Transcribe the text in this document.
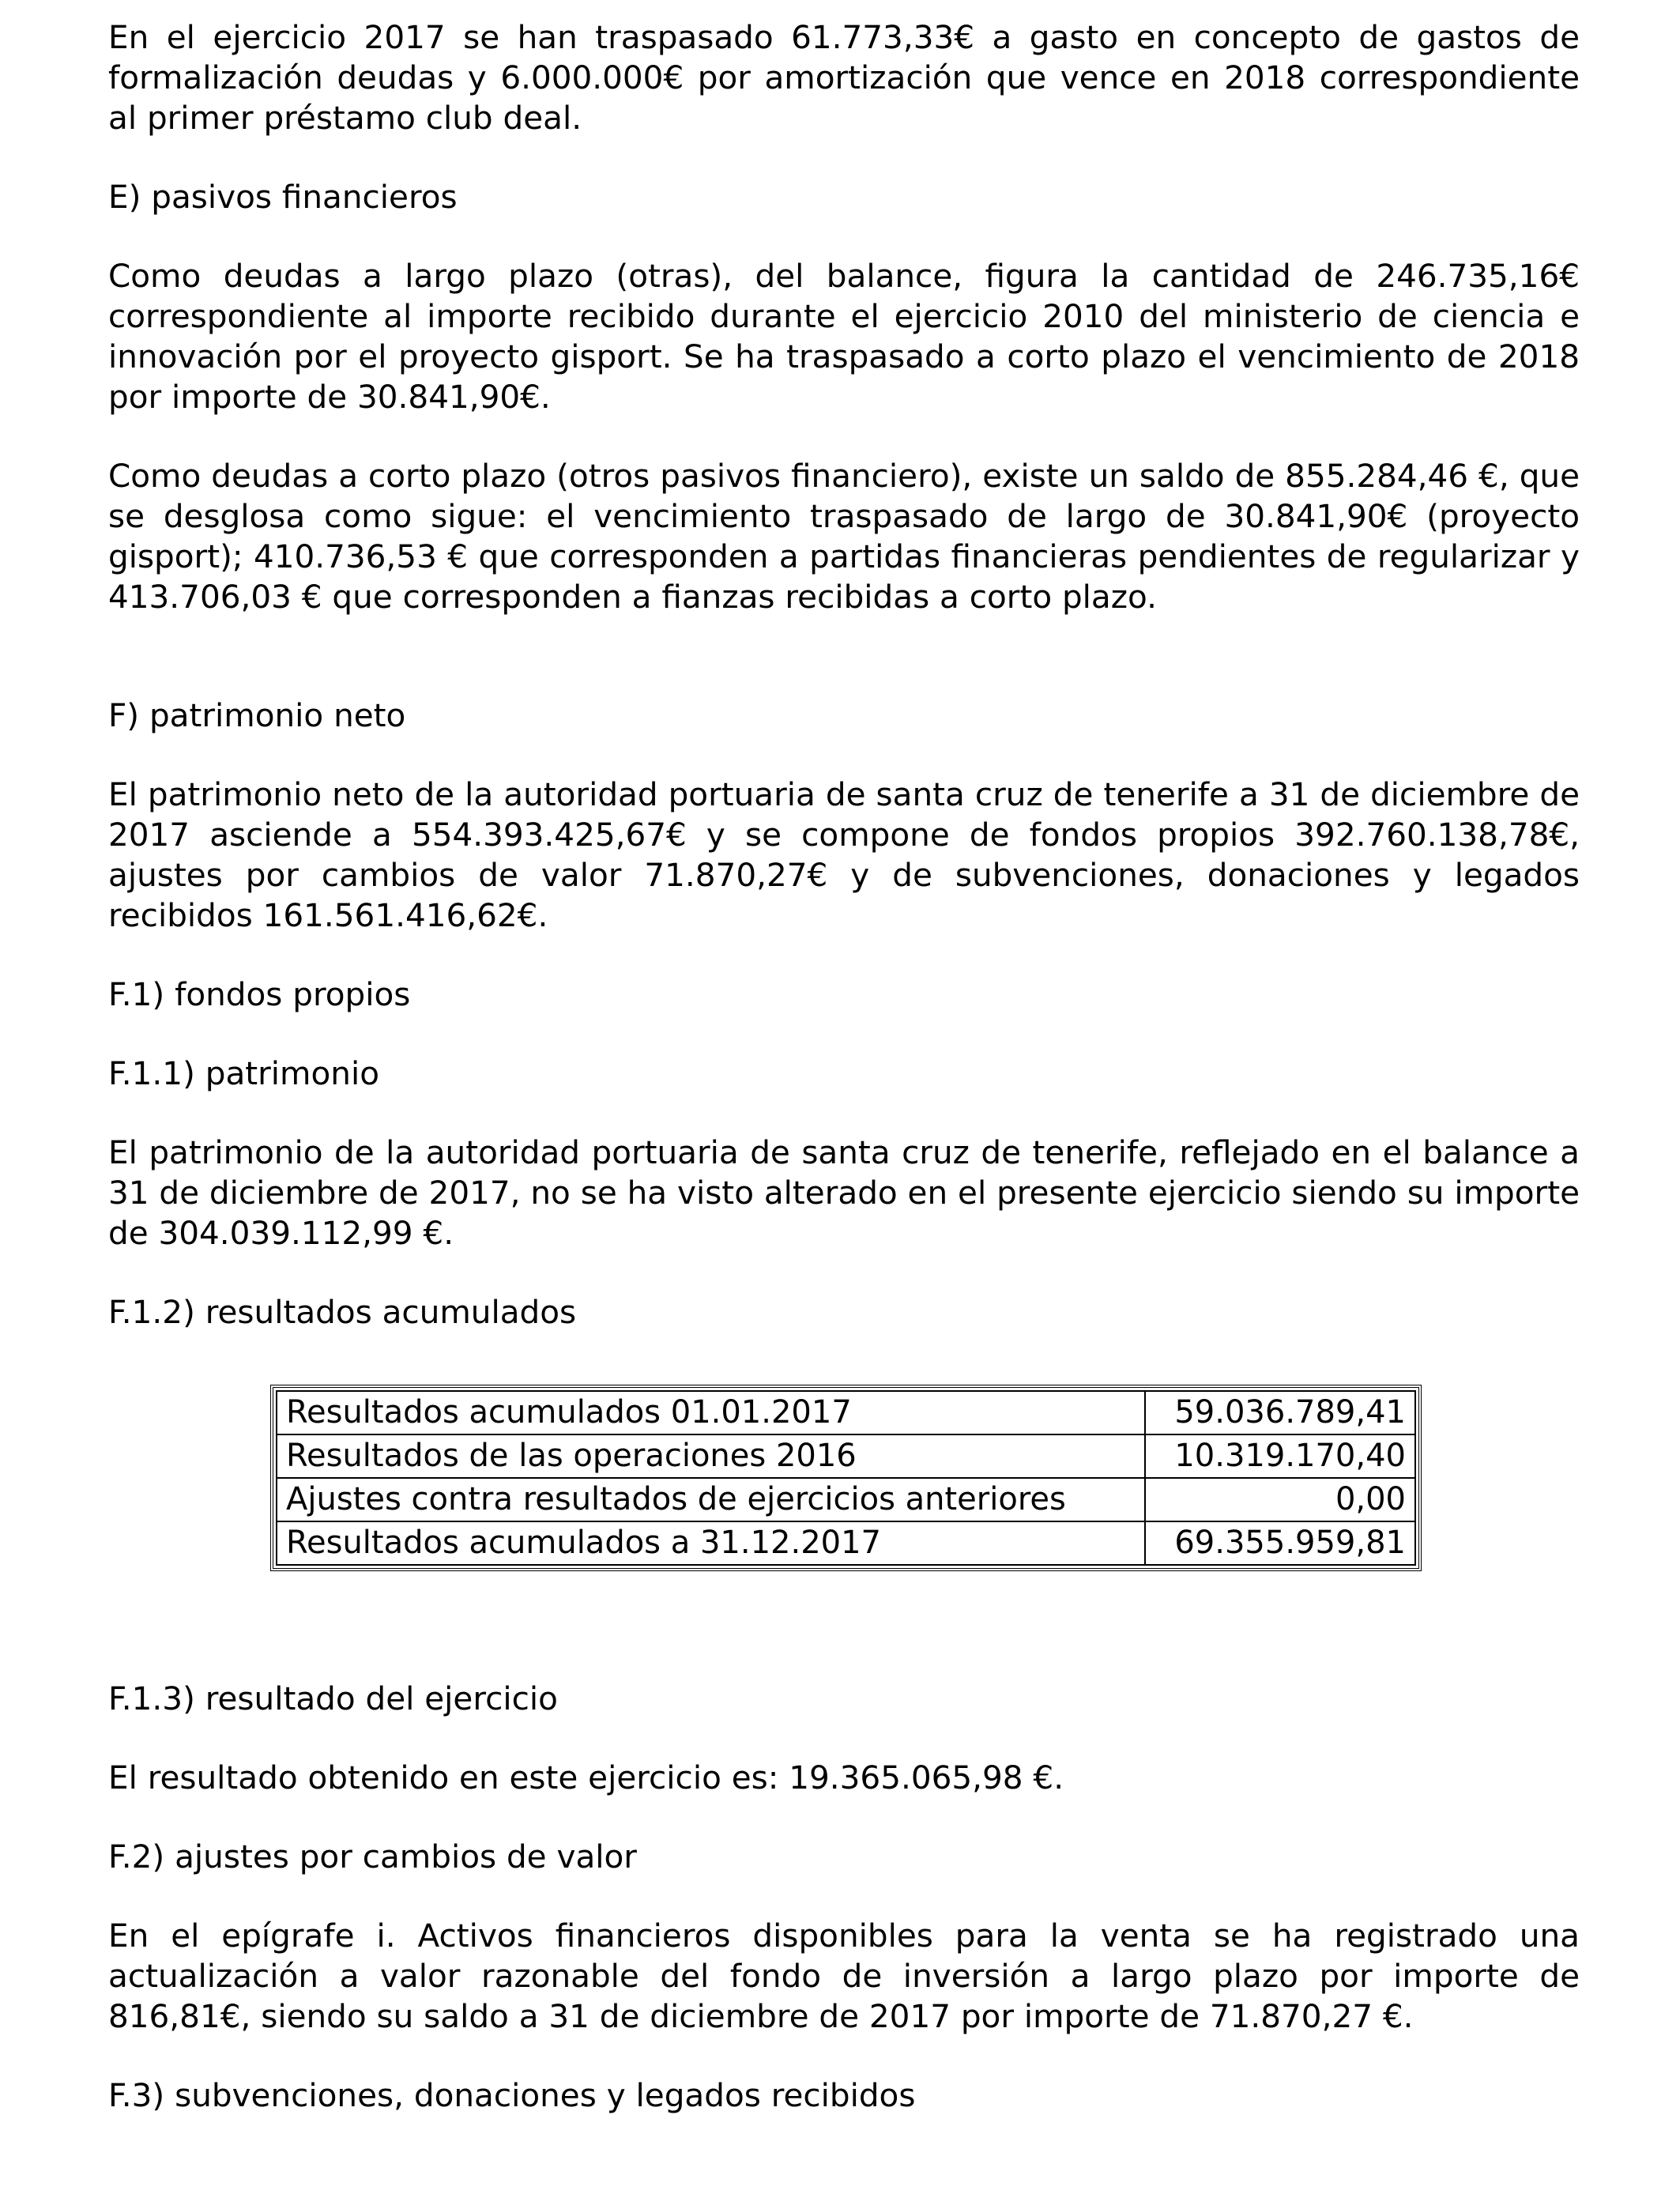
En el ejercicio 2017 se han traspasado 61.773,33€ a gasto en concepto de gastos de formalización deudas y 6.000.000€ por amortización que vence en 2018 correspondiente al primer préstamo club deal.

E) pasivos financieros

Como deudas a largo plazo (otras), del balance, figura la cantidad de 246.735,16€ correspondiente al importe recibido durante el ejercicio 2010 del ministerio de ciencia e innovación por el proyecto gisport. Se ha traspasado a corto plazo el vencimiento de 2018 por importe de 30.841,90€.

Como deudas a corto plazo (otros pasivos financiero), existe un saldo de 855.284,46 €, que se desglosa como sigue: el vencimiento traspasado de largo de 30.841,90€ (proyecto gisport); 410.736,53 € que corresponden a partidas financieras pendientes de regularizar y 413.706,03 € que corresponden a fianzas recibidas a corto plazo.

F) patrimonio neto

El patrimonio neto de la autoridad portuaria de santa cruz de tenerife a 31 de diciembre de 2017 asciende a 554.393.425,67€ y se compone de fondos propios 392.760.138,78€, ajustes por cambios de valor 71.870,27€ y de subvenciones, donaciones y legados recibidos 161.561.416,62€.

F.1) fondos propios

F.1.1) patrimonio

El patrimonio de la autoridad portuaria de santa cruz de tenerife, reflejado en el balance a 31 de diciembre de 2017, no se ha visto alterado en el presente ejercicio siendo su importe de 304.039.112,99 €.

F.1.2) resultados acumulados

Resultados acumulados 01.01.2017	59.036.789,41
Resultados de las operaciones 2016	10.319.170,40
Ajustes contra resultados de ejercicios anteriores	0,00
Resultados acumulados a 31.12.2017	69.355.959,81

F.1.3) resultado del ejercicio

El resultado obtenido en este ejercicio es: 19.365.065,98 €.

F.2) ajustes por cambios de valor

En el epígrafe i. Activos financieros disponibles para la venta se ha registrado una actualización a valor razonable del fondo de inversión a largo plazo por importe de 816,81€, siendo su saldo a 31 de diciembre de 2017 por importe de 71.870,27 €.

F.3) subvenciones, donaciones y legados recibidos
